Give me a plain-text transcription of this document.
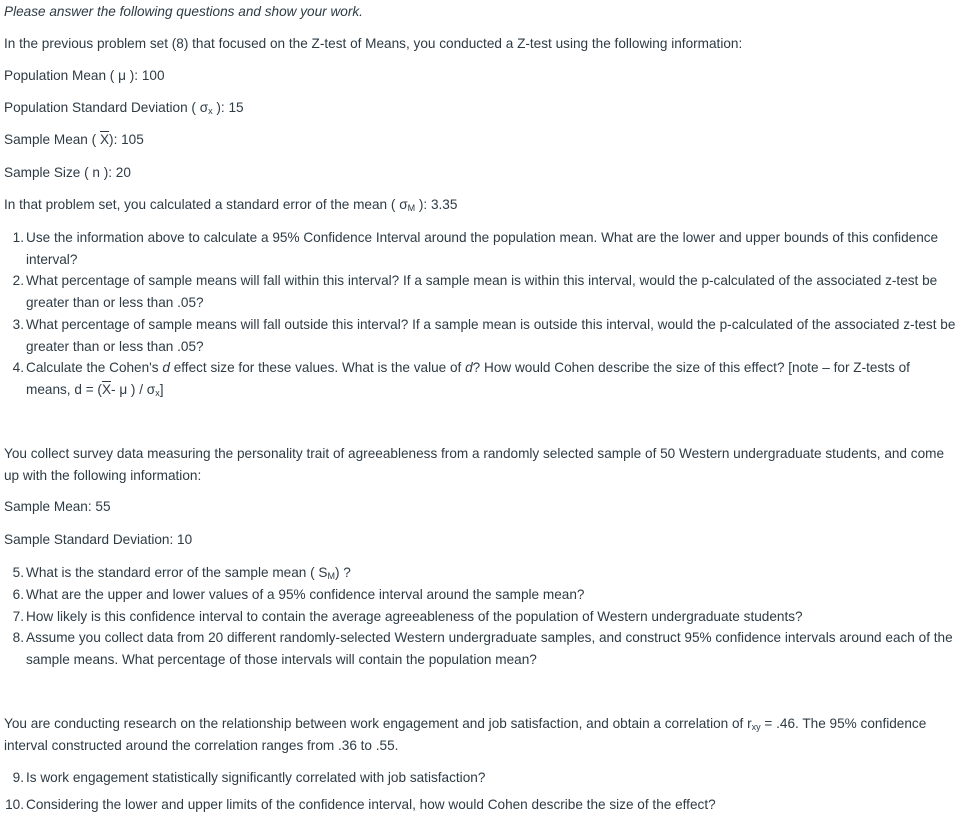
Please answer the following questions and show your work.
In the previous problem set (8) that focused on the Z-test of Means, you conducted a Z-test using the following information:
Population Mean ( μ ): 100
Population Standard Deviation ( $\sigma_x$ ): 15
Sample Mean ( $\overline{X}$): 105
Sample Size ( n ): 20
In that problem set, you calculated a standard error of the mean ( $\sigma_M$ ): 3.35
1. Use the information above to calculate a 95% Confidence Interval around the population mean. What are the lower and upper bounds of this confidence interval?
2. What percentage of sample means will fall within this interval? If a sample mean is within this interval, would the p-calculated of the associated z-test be greater than or less than .05?
3. What percentage of sample means will fall outside this interval? If a sample mean is outside this interval, would the p-calculated of the associated z-test be greater than or less than .05?
4. Calculate the Cohen's d effect size for these values. What is the value of d? How would Cohen describe the size of this effect? [note – for Z-tests of means, $d = (\overline{X}-$ μ ) / $\sigma_x$]
You collect survey data measuring the personality trait of agreeableness from a randomly selected sample of 50 Western undergraduate students, and come up with the following information:
Sample Mean: 55
Sample Standard Deviation: 10
5. What is the standard error of the sample mean ( $S_M$) ?
6. What are the upper and lower values of a 95% confidence interval around the sample mean?
7. How likely is this confidence interval to contain the average agreeableness of the population of Western undergraduate students?
8. Assume you collect data from 20 different randomly-selected Western undergraduate samples, and construct 95% confidence intervals around each of the sample means. What percentage of those intervals will contain the population mean?
You are conducting research on the relationship between work engagement and job satisfaction, and obtain a correlation of $r_{xy} = .46$. The 95% confidence interval constructed around the correlation ranges from .36 to .55.
9. Is work engagement statistically significantly correlated with job satisfaction?
10. Considering the lower and upper limits of the confidence interval, how would Cohen describe the size of the effect?
